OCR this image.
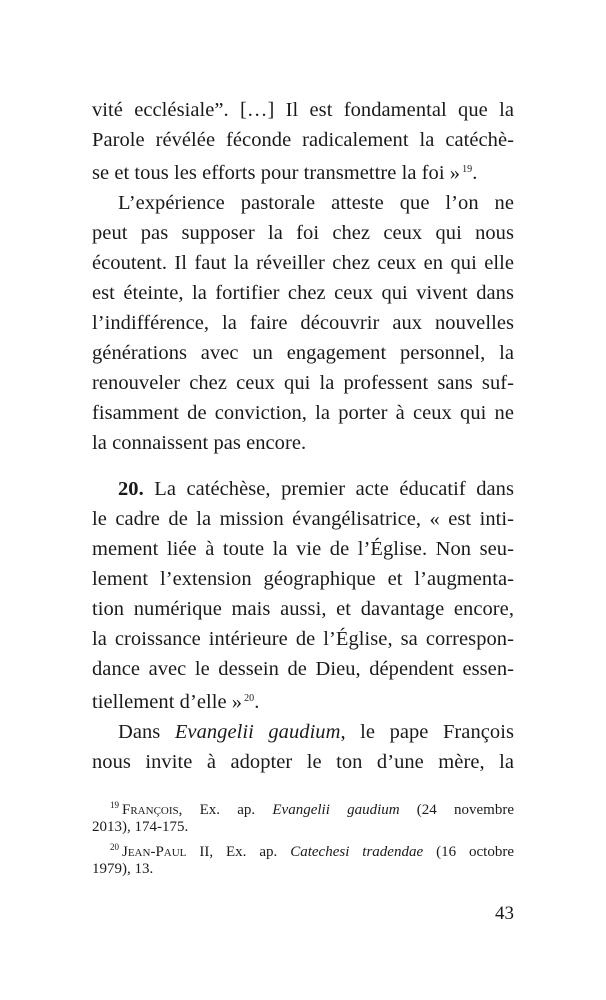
vité ecclésiale”. […] Il est fondamental que la
Parole révélée féconde radicalement la catéchè-
se et tous les efforts pour transmettre la foi » $^{19}$.
L’expérience pastorale atteste que l’on ne
peut pas supposer la foi chez ceux qui nous
écoutent. Il faut la réveiller chez ceux en qui elle
est éteinte, la fortifier chez ceux qui vivent dans
l’indifférence, la faire découvrir aux nouvelles
générations avec un engagement personnel, la
renouveler chez ceux qui la professent sans suf-
fisamment de conviction, la porter à ceux qui ne
la connaissent pas encore.
20. La catéchèse, premier acte éducatif dans
le cadre de la mission évangélisatrice, « est inti-
mement liée à toute la vie de l’Église. Non seu-
lement l’extension géographique et l’augmenta-
tion numérique mais aussi, et davantage encore,
la croissance intérieure de l’Église, sa correspon-
dance avec le dessein de Dieu, dépendent essen-
tiellement d’elle » $^{20}$.
Dans Evangelii gaudium, le pape François
nous invite à adopter le ton d’une mère, la
$^{19}$ François, Ex. ap. Evangelii gaudium (24 novembre
2013), 174-175.
$^{20}$ Jean-Paul II, Ex. ap. Catechesi tradendae (16 octobre
1979), 13.
43
